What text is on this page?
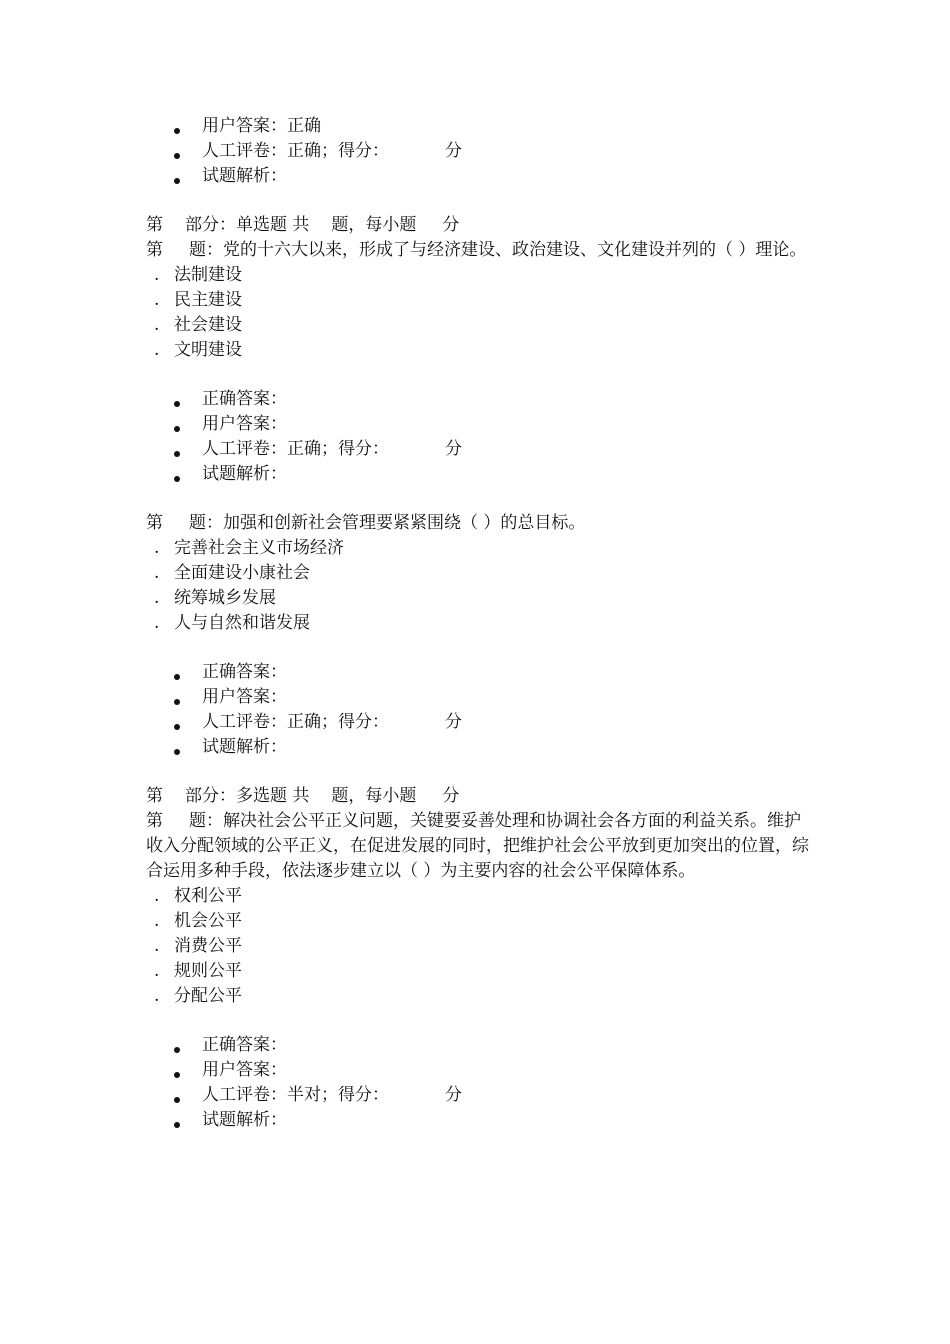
用户答案：正确
人工评卷：正确；得分：	分
试题解析：
第 部分：单选题 共 题，每小题 分
第 题：党的十六大以来，形成了与经济建设、政治建设、文化建设并列的（ ）理论。
. 法制建设
. 民主建设
. 社会建设
. 文明建设
正确答案：
用户答案：
人工评卷：正确；得分：	分
试题解析：
第 题：加强和创新社会管理要紧紧围绕（ ）的总目标。
. 完善社会主义市场经济
. 全面建设小康社会
. 统筹城乡发展
. 人与自然和谐发展
正确答案：
用户答案：
人工评卷：正确；得分：	分
试题解析：
第 部分：多选题 共 题，每小题 分
第 题：解决社会公平正义问题，关键要妥善处理和协调社会各方面的利益关系。维护收入分配领域的公平正义，在促进发展的同时，把维护社会公平放到更加突出的位置，综合运用多种手段，依法逐步建立以（ ）为主要内容的社会公平保障体系。
. 权利公平
. 机会公平
. 消费公平
. 规则公平
. 分配公平
正确答案：
用户答案：
人工评卷：半对；得分：	分
试题解析：
